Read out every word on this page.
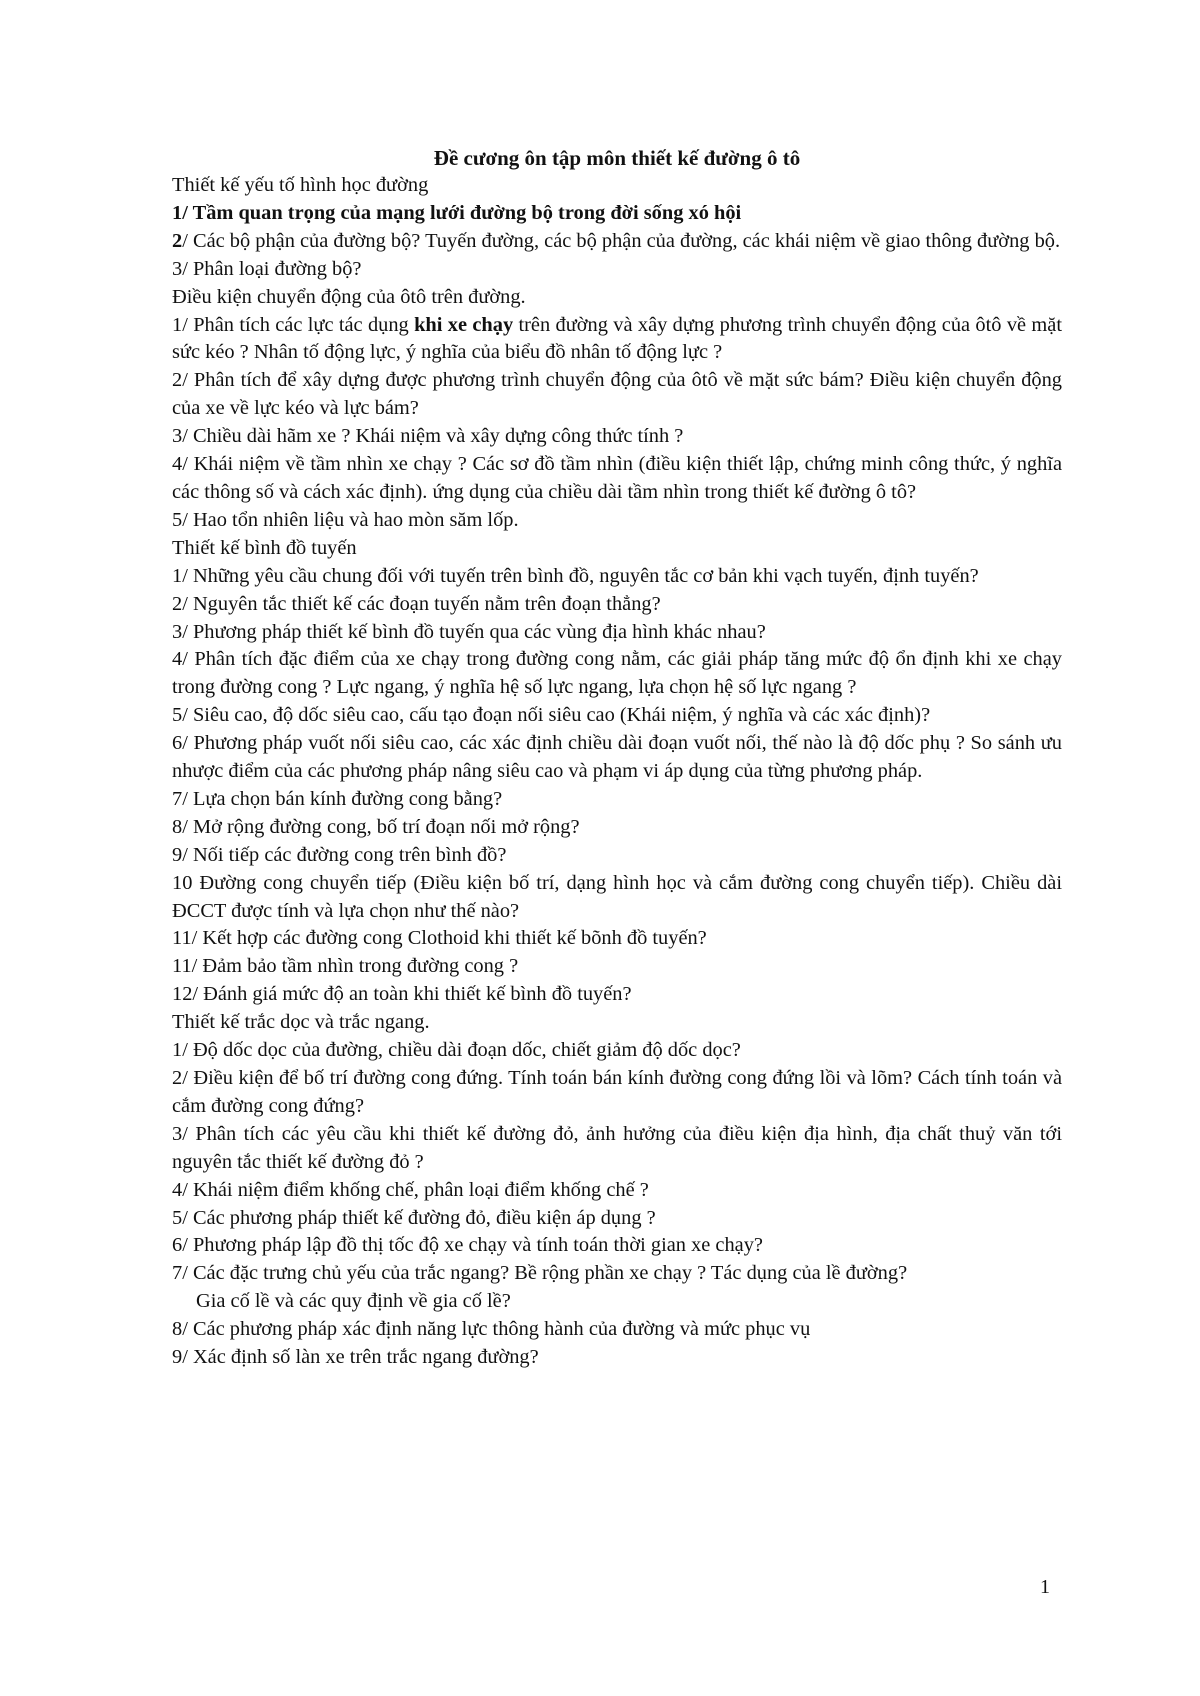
Đề cương ôn tập môn thiết kế đường ô tô

Thiết kế yếu tố hình học đường

1/ Tầm quan trọng của mạng lưới đường bộ trong đời sống xó hội

2/ Các bộ phận của đường bộ? Tuyến đường, các bộ phận của đường, các khái niệm về giao thông đường bộ.

3/ Phân loại đường bộ?

Điều kiện chuyển động của ôtô trên đường.

1/ Phân tích các lực tác dụng khi xe chạy trên đường và xây dựng phương trình chuyển động của ôtô về mặt sức kéo ? Nhân tố động lực, ý nghĩa của biểu đồ nhân tố động lực ?

2/ Phân tích để xây dựng được phương trình chuyển động của ôtô về mặt sức bám? Điều kiện chuyển động của xe về lực kéo và lực bám?

3/ Chiều dài hãm xe ? Khái niệm và xây dựng công thức tính ?

4/ Khái niệm về tầm nhìn xe chạy ? Các sơ đồ tầm nhìn (điều kiện thiết lập, chứng minh công thức, ý nghĩa các thông số và cách xác định). ứng dụng của chiều dài tầm nhìn trong thiết kế đường ô tô?

5/ Hao tổn nhiên liệu và hao mòn săm lốp.

Thiết kế bình đồ tuyến

1/ Những yêu cầu chung đối với tuyến trên bình đồ, nguyên tắc cơ bản khi vạch tuyến, định tuyến?

2/ Nguyên tắc thiết kế các đoạn tuyến nằm trên đoạn thẳng?

3/ Phương pháp thiết kế bình đồ tuyến qua các vùng địa hình khác nhau?

4/ Phân tích đặc điểm của xe chạy trong đường cong nằm, các giải pháp tăng mức độ ổn định khi xe chạy trong đường cong ? Lực ngang, ý nghĩa hệ số lực ngang, lựa chọn hệ số lực ngang ?

5/ Siêu cao, độ dốc siêu cao, cấu tạo đoạn nối siêu cao (Khái niệm, ý nghĩa và các xác định)?

6/ Phương pháp vuốt nối siêu cao, các xác định chiều dài đoạn vuốt nối, thế nào là độ dốc phụ ? So sánh ưu nhược điểm của các phương pháp nâng siêu cao và phạm vi áp dụng của từng phương pháp.

7/ Lựa chọn bán kính đường cong bằng?

8/ Mở rộng đường cong, bố trí đoạn nối mở rộng?

9/ Nối tiếp các đường cong trên bình đồ?

10 Đường cong chuyển tiếp (Điều kiện bố trí, dạng hình học và cắm đường cong chuyển tiếp). Chiều dài ĐCCT được tính và lựa chọn như thế nào?

11/ Kết hợp các đường cong Clothoid khi thiết kế bõnh đồ tuyến?

11/ Đảm bảo tầm nhìn trong đường cong ?

12/ Đánh giá mức độ an toàn khi thiết kế bình đồ tuyến?

Thiết kế trắc dọc và trắc ngang.

1/ Độ dốc dọc của đường, chiều dài đoạn dốc, chiết giảm độ dốc dọc?

2/ Điều kiện để bố trí đường cong đứng. Tính toán bán kính đường cong đứng lồi và lõm? Cách tính toán và cắm đường cong đứng?

3/ Phân tích các yêu cầu khi thiết kế đường đỏ, ảnh hưởng của điều kiện địa hình, địa chất thuỷ văn tới nguyên tắc thiết kế đường đỏ ?

4/ Khái niệm điểm khống chế, phân loại điểm khống chế ?

5/ Các phương pháp thiết kế đường đỏ, điều kiện áp dụng ?

6/ Phương pháp lập đồ thị tốc độ xe chạy và tính toán thời gian xe chạy?

7/ Các đặc trưng chủ yếu của trắc ngang? Bề rộng phần xe chạy ? Tác dụng của lề đường?

Gia cố lề và các quy định về gia cố lề?

8/ Các phương pháp xác định năng lực thông hành của đường và mức phục vụ

9/ Xác định số làn xe trên trắc ngang đường?

1
